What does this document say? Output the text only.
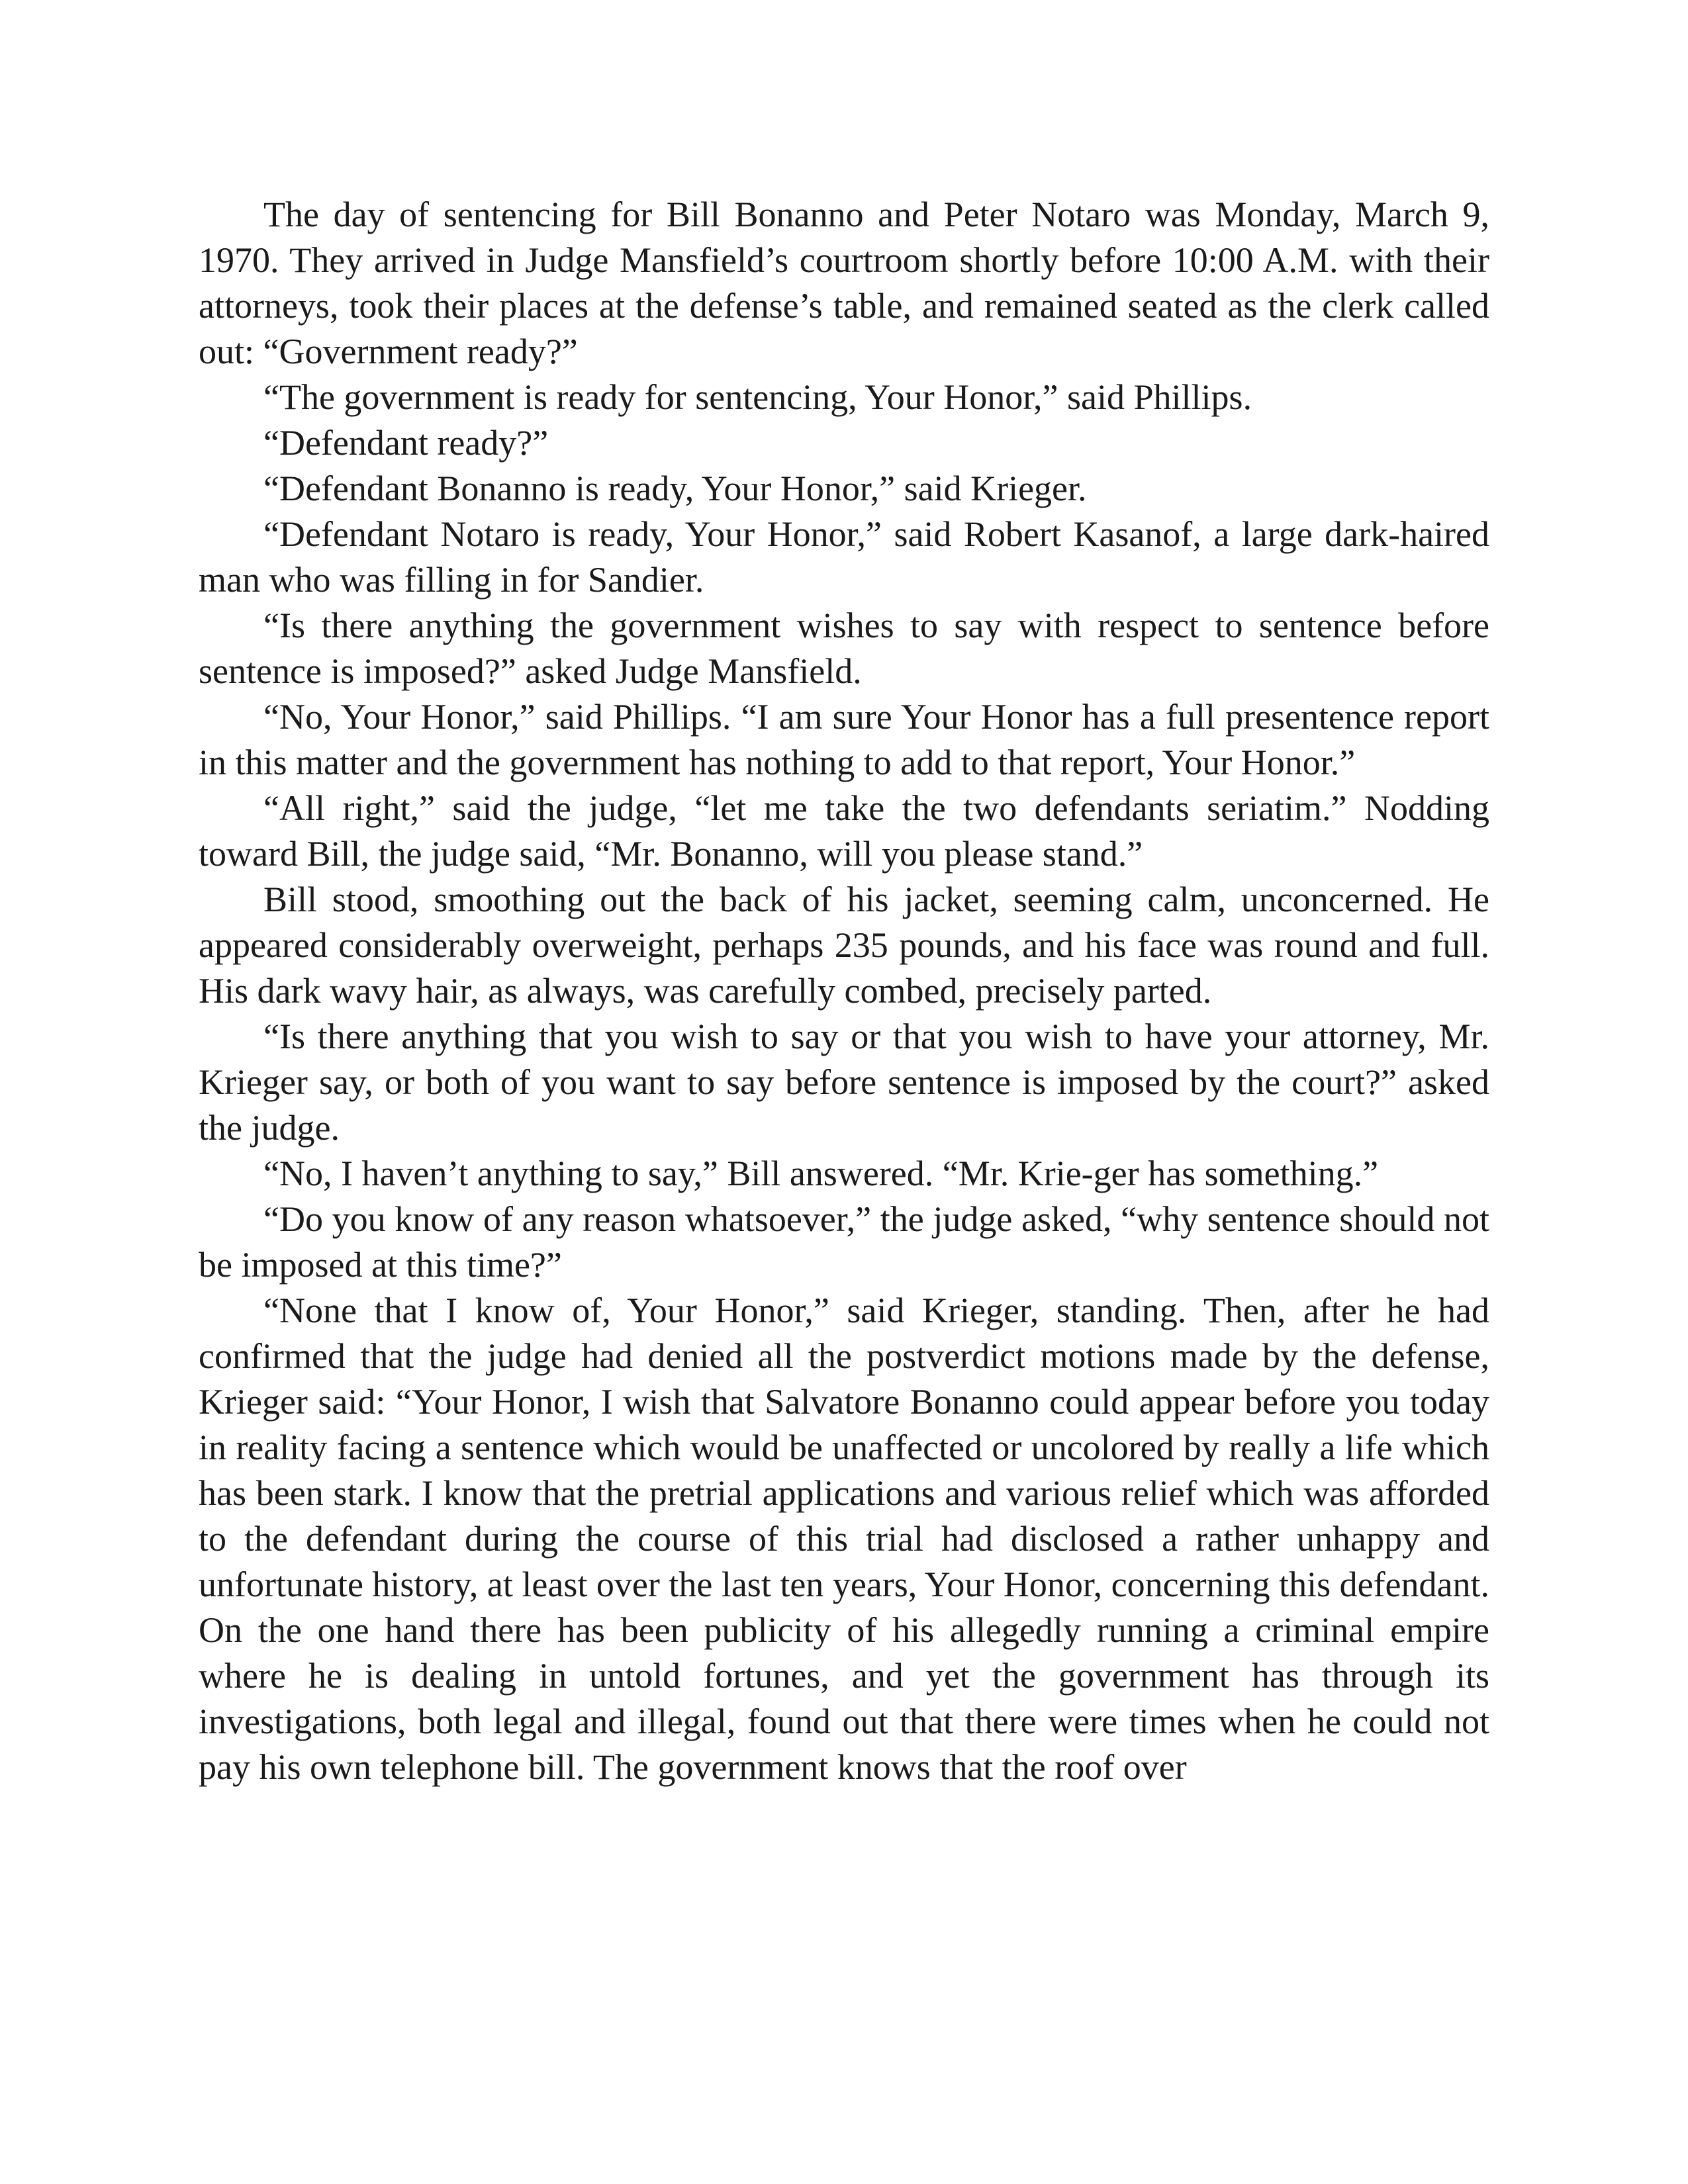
The day of sentencing for Bill Bonanno and Peter Notaro was Monday, March 9, 1970. They arrived in Judge Mansfield’s courtroom shortly before 10:00 A.M. with their attorneys, took their places at the defense’s table, and remained seated as the clerk called out: “Government ready?”

“The government is ready for sentencing, Your Honor,” said Phillips.

“Defendant ready?”

“Defendant Bonanno is ready, Your Honor,” said Krieger.

“Defendant Notaro is ready, Your Honor,” said Robert Kasanof, a large dark-haired man who was filling in for Sandier.

“Is there anything the government wishes to say with respect to sentence before sentence is imposed?” asked Judge Mansfield.

“No, Your Honor,” said Phillips. “I am sure Your Honor has a full presentence report in this matter and the government has nothing to add to that report, Your Honor.”

“All right,” said the judge, “let me take the two defendants seriatim.” Nodding toward Bill, the judge said, “Mr. Bonanno, will you please stand.”

Bill stood, smoothing out the back of his jacket, seeming calm, unconcerned. He appeared considerably overweight, perhaps 235 pounds, and his face was round and full. His dark wavy hair, as always, was carefully combed, precisely parted.

“Is there anything that you wish to say or that you wish to have your attorney, Mr. Krieger say, or both of you want to say before sentence is imposed by the court?” asked the judge.

“No, I haven’t anything to say,” Bill answered. “Mr. Krie-ger has something.”

“Do you know of any reason whatsoever,” the judge asked, “why sentence should not be imposed at this time?”

“None that I know of, Your Honor,” said Krieger, standing. Then, after he had confirmed that the judge had denied all the postverdict motions made by the defense, Krieger said: “Your Honor, I wish that Salvatore Bonanno could appear before you today in reality facing a sentence which would be unaffected or uncolored by really a life which has been stark. I know that the pretrial applications and various relief which was afforded to the defendant during the course of this trial had disclosed a rather unhappy and unfortunate history, at least over the last ten years, Your Honor, concerning this defendant. On the one hand there has been publicity of his allegedly running a criminal empire where he is dealing in untold fortunes, and yet the government has through its investigations, both legal and illegal, found out that there were times when he could not pay his own telephone bill. The government knows that the roof over
